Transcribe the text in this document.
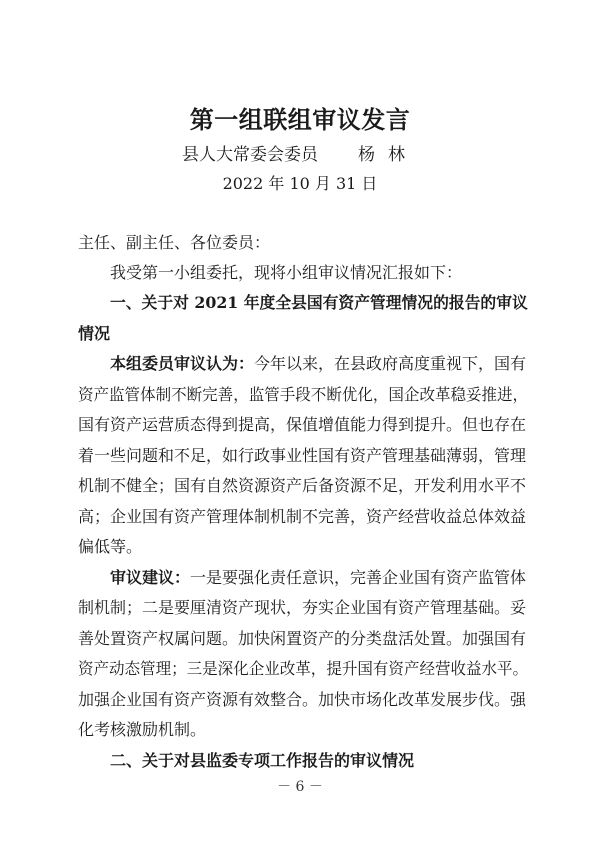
第一组联组审议发言
县人大常委会委员 杨林
2022 年 10 月 31 日
主任、副主任、各位委员：
我受第一小组委托，现将小组审议情况汇报如下：
一、关于对 2021 年度全县国有资产管理情况的报告的审议
情况
本组委员审议认为： 今年以来，在县政府高度重视下，国有
资产监管体制不断完善，监管手段不断优化，国企改革稳妥推进，
国有资产运营质态得到提高，保值增值能力得到提升。但也存在
着一些问题和不足，如行政事业性国有资产管理基础薄弱，管理
机制不健全；国有自然资源资产后备资源不足，开发利用水平不
高；企业国有资产管理体制机制不完善，资产经营收益总体效益
偏低等。
审议建议： 一是要强化责任意识，完善企业国有资产监管体
制机制；二是要厘清资产现状，夯实企业国有资产管理基础。妥
善处置资产权属问题。加快闲置资产的分类盘活处置。加强国有
资产动态管理；三是深化企业改革，提升国有资产经营收益水平。
加强企业国有资产资源有效整合。加快市场化改革发展步伐。强
化考核激励机制。
二、关于对县监委专项工作报告的审议情况
－ 6 －
